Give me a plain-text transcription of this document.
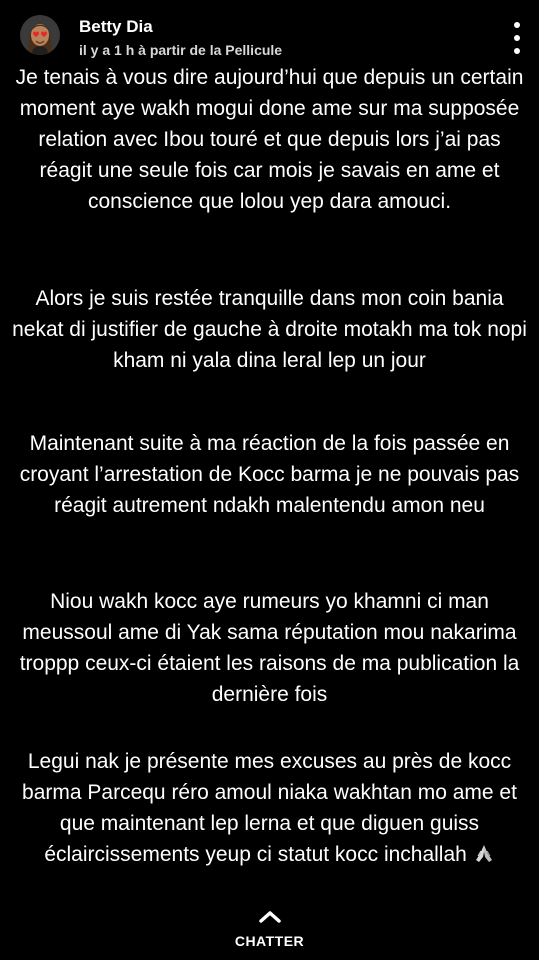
Betty Dia
il y a 1 h à partir de la Pellicule

Je tenais à vous dire aujourd’hui que depuis un certain moment aye wakh mogui done ame sur ma supposée relation avec Ibou touré et que depuis lors j’ai pas réagit une seule fois car mois je savais en ame et conscience que lolou yep dara amouci.

Alors je suis restée tranquille dans mon coin bania nekat di justifier de gauche à droite motakh ma tok nopi kham ni yala dina leral lep un jour

Maintenant suite à ma réaction de la fois passée en croyant l’arrestation de Kocc barma je ne pouvais pas réagit autrement ndakh malentendu amon neu

Niou wakh kocc aye rumeurs yo khamni ci man meussoul ame di Yak sama réputation mou nakarima troppp ceux-ci étaient les raisons de ma publication la dernière fois

Legui nak je présente mes excuses au près de kocc barma Parcequ réro amoul niaka wakhtan mo ame et que maintenant lep lerna et que diguen guiss éclaircissements yeup ci statut kocc inchallah

CHATTER
